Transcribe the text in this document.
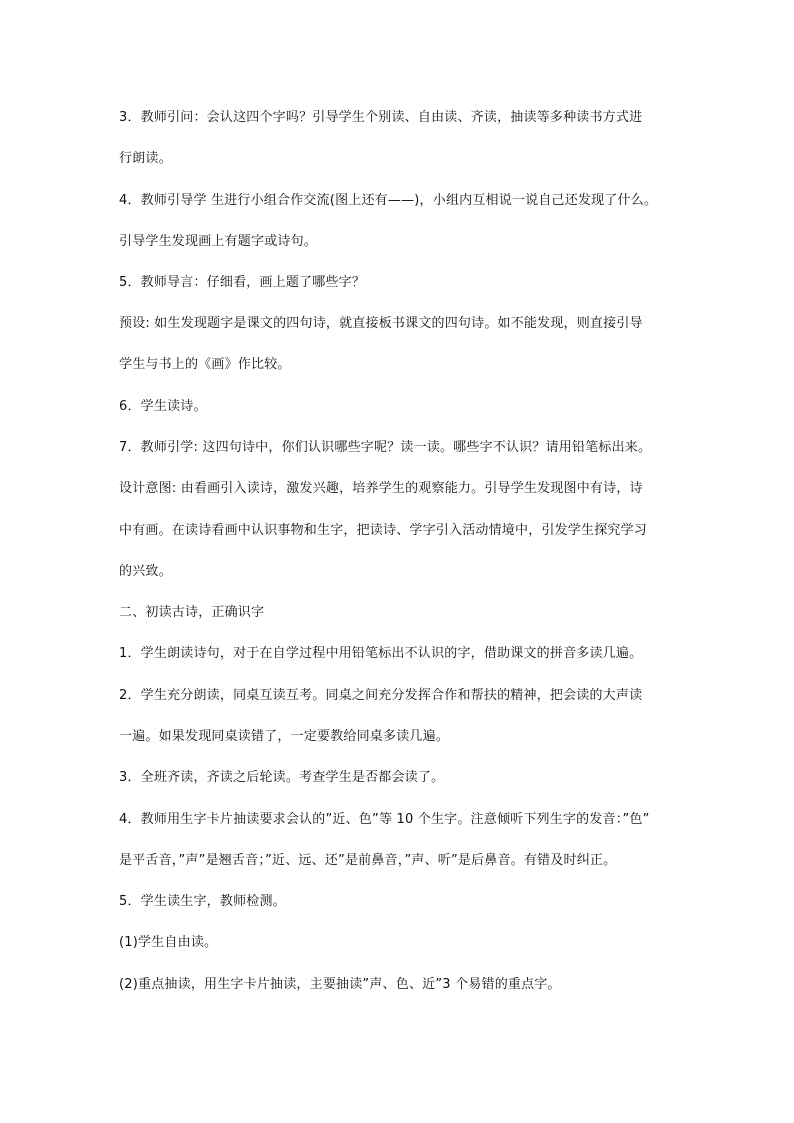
3．教师引问：会认这四个字吗？引导学生个别读、自由读、齐读，抽读等多种读书方式进
行朗读。
4．教师引导学 生进行小组合作交流(图上还有——)，小组内互相说一说自己还发现了什么。
引导学生发现画上有题字或诗句。
5．教师导言：仔细看，画上题了哪些字？
预设: 如生发现题字是课文的四句诗，就直接板书课文的四句诗。如不能发现，则直接引导
学生与书上的《画》作比较。
6．学生读诗。
7．教师引学: 这四句诗中，你们认识哪些字呢？读一读。哪些字不认识？请用铅笔标出来。
设计意图: 由看画引入读诗，激发兴趣，培养学生的观察能力。引导学生发现图中有诗，诗
中有画。在读诗看画中认识事物和生字，把读诗、学字引入活动情境中，引发学生探究学习
的兴致。
二、初读古诗，正确识字
1．学生朗读诗句，对于在自学过程中用铅笔标出不认识的字，借助课文的拼音多读几遍。
2．学生充分朗读，同桌互读互考。同桌之间充分发挥合作和帮扶的精神，把会读的大声读
一遍。如果发现同桌读错了，一定要教给同桌多读几遍。
3．全班齐读，齐读之后轮读。考查学生是否都会读了。
4．教师用生字卡片抽读要求会认的”近、色”等 10 个生字。注意倾听下列生字的发音：”色”
是平舌音，”声”是翘舌音；”近、远、还”是前鼻音，”声、听”是后鼻音。有错及时纠正。
5．学生读生字，教师检测。
(1)学生自由读。
(2)重点抽读，用生字卡片抽读，主要抽读”声、色、近”3 个易错的重点字。
